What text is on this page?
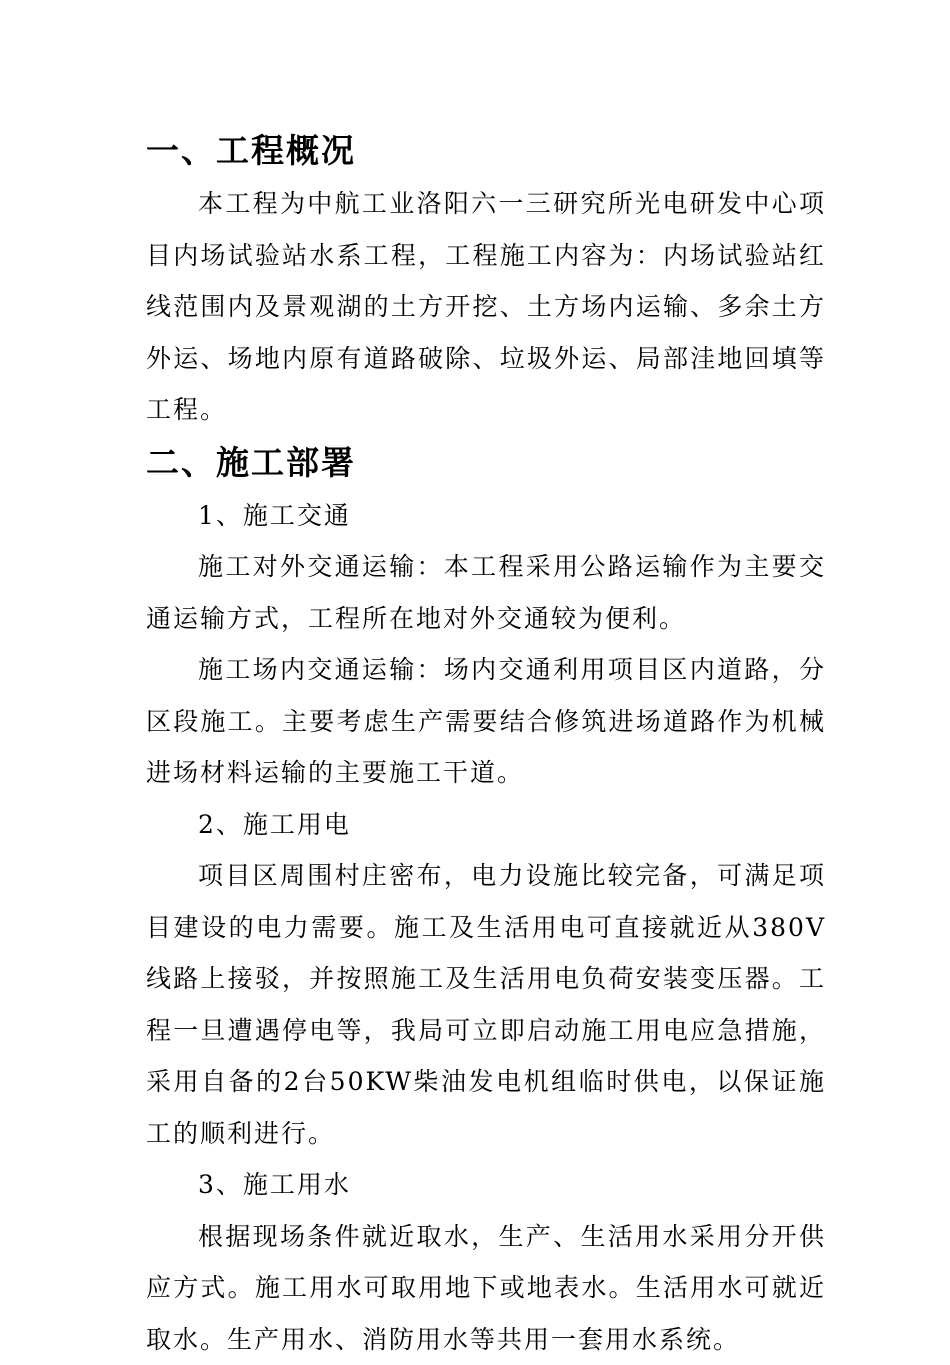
一、工程概况

本工程为中航工业洛阳六一三研究所光电研发中心项目内场试验站水系工程，工程施工内容为：内场试验站红线范围内及景观湖的土方开挖、土方场内运输、多余土方外运、场地内原有道路破除、垃圾外运、局部洼地回填等工程。

二、施工部署

1、施工交通

施工对外交通运输：本工程采用公路运输作为主要交通运输方式，工程所在地对外交通较为便利。

施工场内交通运输：场内交通利用项目区内道路，分区段施工。主要考虑生产需要结合修筑进场道路作为机械进场材料运输的主要施工干道。

2、施工用电

项目区周围村庄密布，电力设施比较完备，可满足项目建设的电力需要。施工及生活用电可直接就近从380V线路上接驳，并按照施工及生活用电负荷安装变压器。工程一旦遭遇停电等，我局可立即启动施工用电应急措施，采用自备的2台50KW柴油发电机组临时供电，以保证施工的顺利进行。

3、施工用水

根据现场条件就近取水，生产、生活用水采用分开供应方式。施工用水可取用地下或地表水。生活用水可就近取水。生产用水、消防用水等共用一套用水系统。
